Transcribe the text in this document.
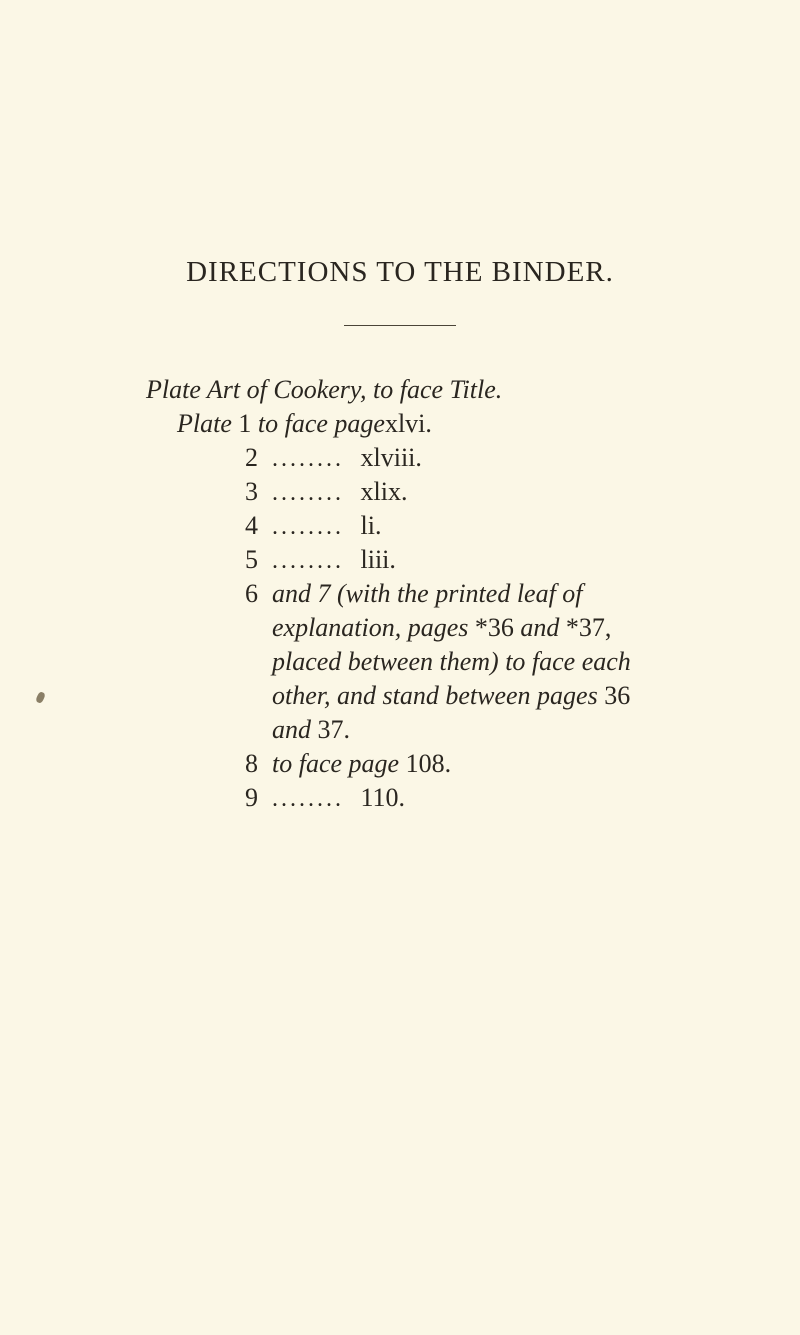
DIRECTIONS TO THE BINDER.
Plate Art of Cookery, to face Title.
Plate 1 to face pagexlvi.
2 ........ xlviii.
3 ........ xlix.
4 ........ li.
5 ........ liii.
6 and 7 (with the printed leaf of
explanation, pages *36 and *37,
placed between them) to face each
other, and stand between pages 36
and 37.
8 to face page 108.
9 ........ 110.
